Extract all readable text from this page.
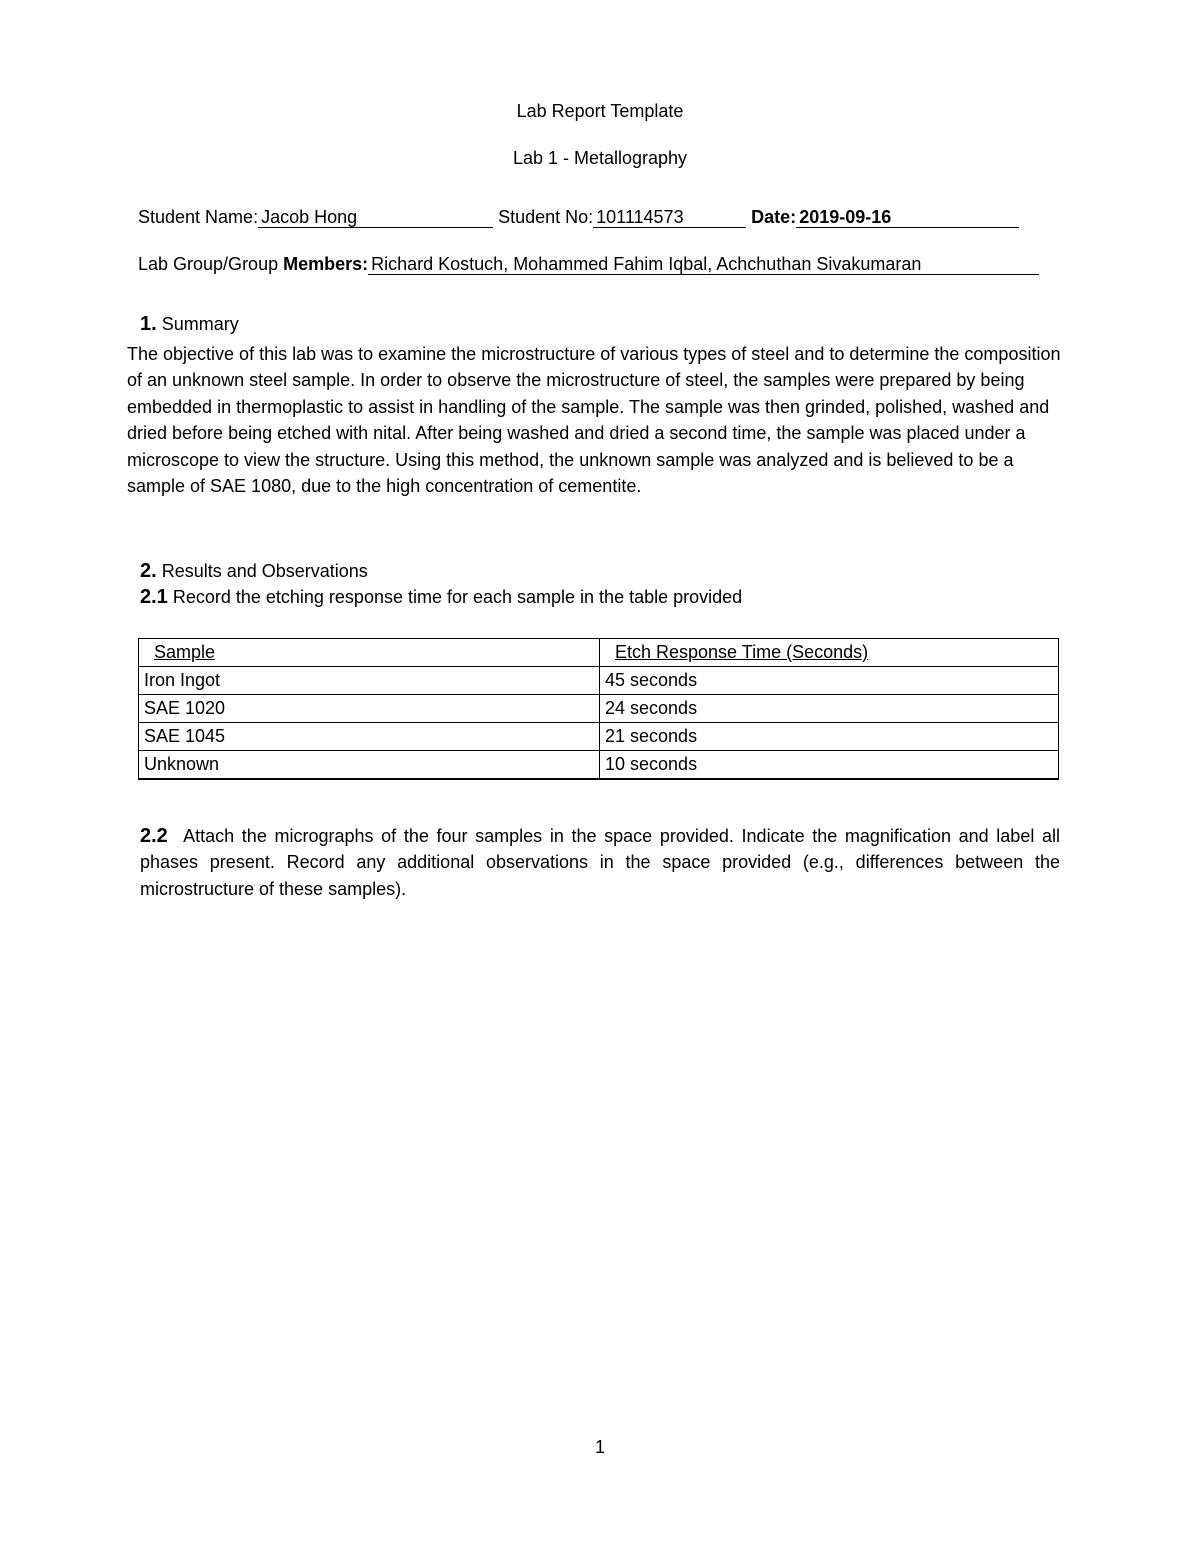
Lab Report Template
Lab 1 - Metallography
Student Name: Jacob Hong	Student No: 101114573	Date: 2019-09-16
Lab Group/Group Members: Richard Kostuch, Mohammed Fahim Iqbal, Achchuthan Sivakumaran
1. Summary
The objective of this lab was to examine the microstructure of various types of steel and to determine the composition of an unknown steel sample. In order to observe the microstructure of steel, the samples were prepared by being embedded in thermoplastic to assist in handling of the sample. The sample was then grinded, polished, washed and dried before being etched with nital. After being washed and dried a second time, the sample was placed under a microscope to view the structure. Using this method, the unknown sample was analyzed and is believed to be a sample of SAE 1080, due to the high concentration of cementite.
2. Results and Observations
2.1 Record the etching response time for each sample in the table provided
Sample	Etch Response Time (Seconds)
Iron Ingot	45 seconds
SAE 1020	24 seconds
SAE 1045	21 seconds
Unknown	10 seconds
2.2 Attach the micrographs of the four samples in the space provided. Indicate the magnification and label all phases present. Record any additional observations in the space provided (e.g., differences between the microstructure of these samples).
1
